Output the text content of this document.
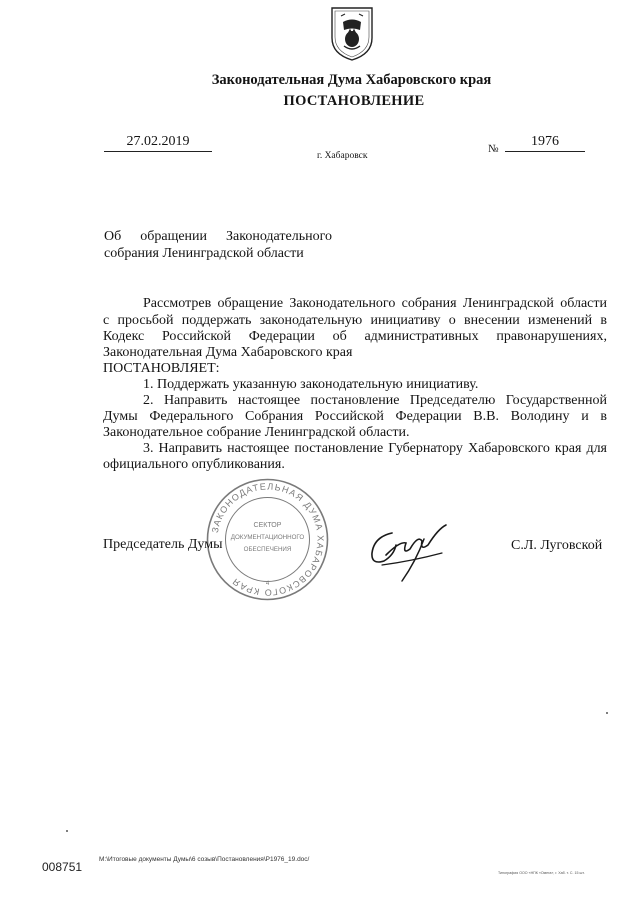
Законодательная Дума Хабаровского края
ПОСТАНОВЛЕНИЕ
27.02.2019
г. Хабаровск
№	1976
Об обращении Законодательного
собрания Ленинградской области
Рассмотрев обращение Законодательного собрания Ленинградской области
с просьбой поддержать законодательную инициативу о внесении изменений в
Кодекс Российской Федерации об административных правонарушениях,
Законодательная Дума Хабаровского края
ПОСТАНОВЛЯЕТ:
1. Поддержать указанную законодательную инициативу.
2. Направить настоящее постановление Председателю Государственной
Думы Федерального Собрания Российской Федерации В.В. Володину и в
Законодательное собрание Ленинградской области.
3. Направить настоящее постановление Губернатору Хабаровского края для
официального опубликования.
ЗАКОНОДАТЕЛЬНАЯ ДУМА ХАБАРОВСКОГО КРАЯ
СЕКТОР
ДОКУМЕНТАЦИОННОГО
ОБЕСПЕЧЕНИЯ
4
Председатель Думы	С.Л. Луговской
008751
M:\Итоговые документы Думы\6 созыв\Постановления\P1976_19.doc/
Типография ООО «НПК «Омега», г. Хаб. т. С. 15 шт.
